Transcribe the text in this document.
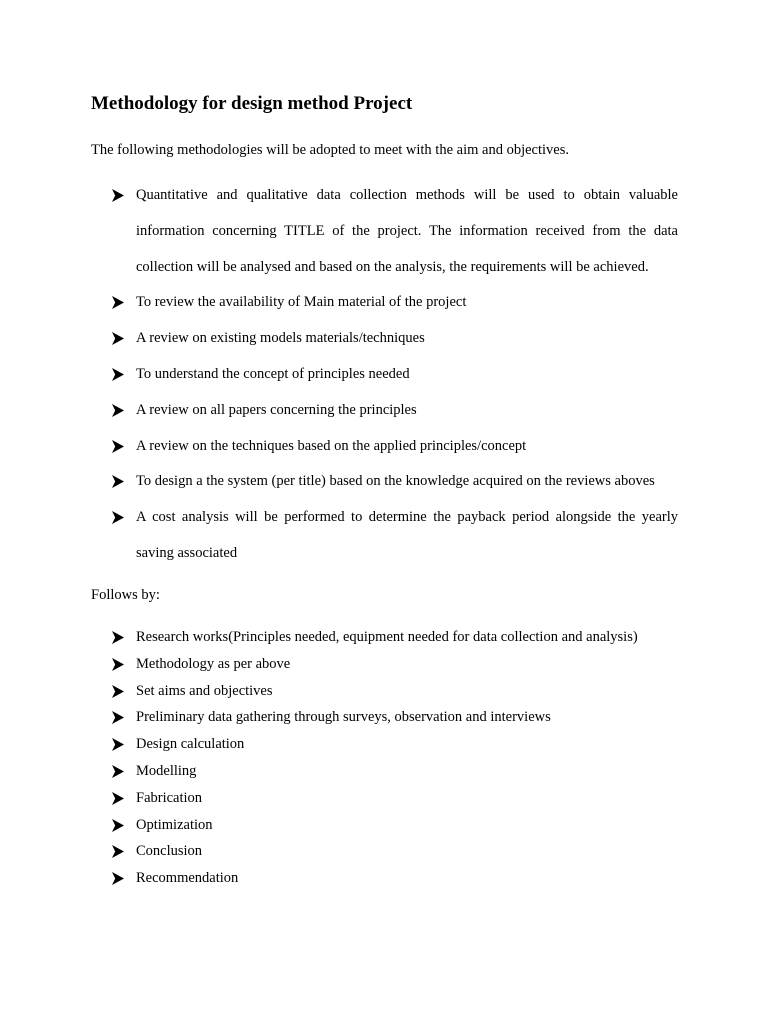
Methodology for design method Project

The following methodologies will be adopted to meet with the aim and objectives.

Quantitative and qualitative data collection methods will be used to obtain valuable information concerning TITLE of the project. The information received from the data collection will be analysed and based on the analysis, the requirements will be achieved.
To review the availability of Main material of the project
A review on existing models materials/techniques
To understand the concept of principles needed
A review on all papers concerning the principles
A review on the techniques based on the applied principles/concept
To design a the system (per title) based on the knowledge acquired on the reviews aboves
A cost analysis will be performed to determine the payback period alongside the yearly saving associated

Follows by:

Research works(Principles needed, equipment needed for data collection and analysis)
Methodology as per above
Set aims and objectives
Preliminary data gathering through surveys, observation and interviews
Design calculation
Modelling
Fabrication
Optimization
Conclusion
Recommendation
